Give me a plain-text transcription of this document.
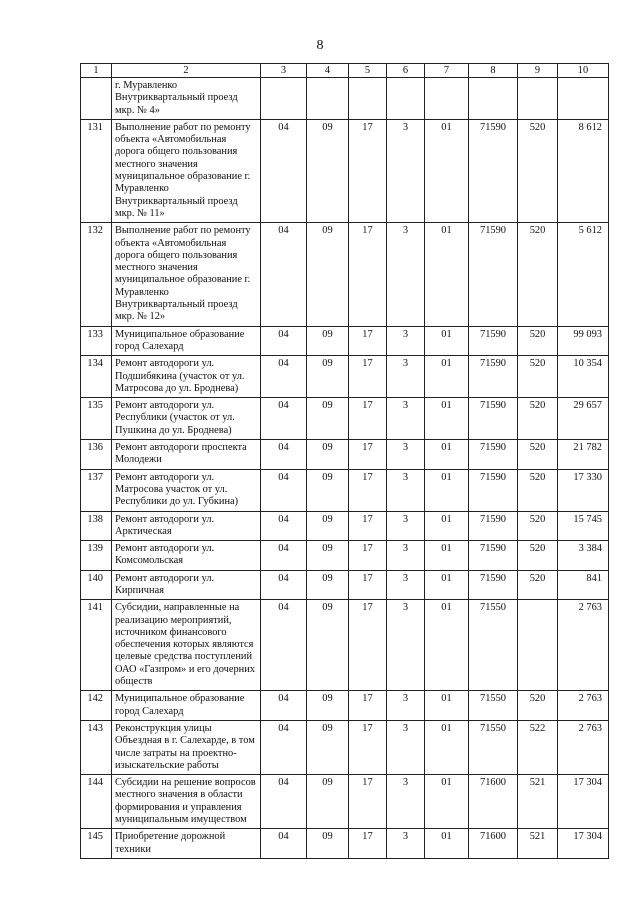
8
1	2	3	4	5	6	7	8	9	10
	г. Муравленко Внутриквартальный проезд мкр. № 4»								
131	Выполнение работ по ремонту объекта «Автомобильная дорога общего пользования местного значения муниципальное образование г. Муравленко Внутриквартальный проезд мкр. № 11»	04	09	17	3	01	71590	520	8 612
132	Выполнение работ по ремонту объекта «Автомобильная дорога общего пользования местного значения муниципальное образование г. Муравленко Внутриквартальный проезд мкр. № 12»	04	09	17	3	01	71590	520	5 612
133	Муниципальное образование город Салехард	04	09	17	3	01	71590	520	99 093
134	Ремонт автодороги ул. Подшибякина (участок от ул. Матросова до ул. Броднева)	04	09	17	3	01	71590	520	10 354
135	Ремонт автодороги ул. Республики (участок от ул. Пушкина до ул. Броднева)	04	09	17	3	01	71590	520	29 657
136	Ремонт автодороги проспекта Молодежи	04	09	17	3	01	71590	520	21 782
137	Ремонт автодороги ул. Матросова участок от ул. Республики до ул. Губкина)	04	09	17	3	01	71590	520	17 330
138	Ремонт автодороги ул. Арктическая	04	09	17	3	01	71590	520	15 745
139	Ремонт автодороги ул. Комсомольская	04	09	17	3	01	71590	520	3 384
140	Ремонт автодороги ул. Кирпичная	04	09	17	3	01	71590	520	841
141	Субсидии, направленные на реализацию мероприятий, источником финансового обеспечения которых являются целевые средства поступлений ОАО «Газпром» и его дочерних обществ	04	09	17	3	01	71550		2 763
142	Муниципальное образование город Салехард	04	09	17	3	01	71550	520	2 763
143	Реконструкция улицы Объездная в г. Салехарде, в том числе затраты на проектно-изыскательские работы	04	09	17	3	01	71550	522	2 763
144	Субсидии на решение вопросов местного значения в области формирования и управления муниципальным имуществом	04	09	17	3	01	71600	521	17 304
145	Приобретение дорожной техники	04	09	17	3	01	71600	521	17 304
